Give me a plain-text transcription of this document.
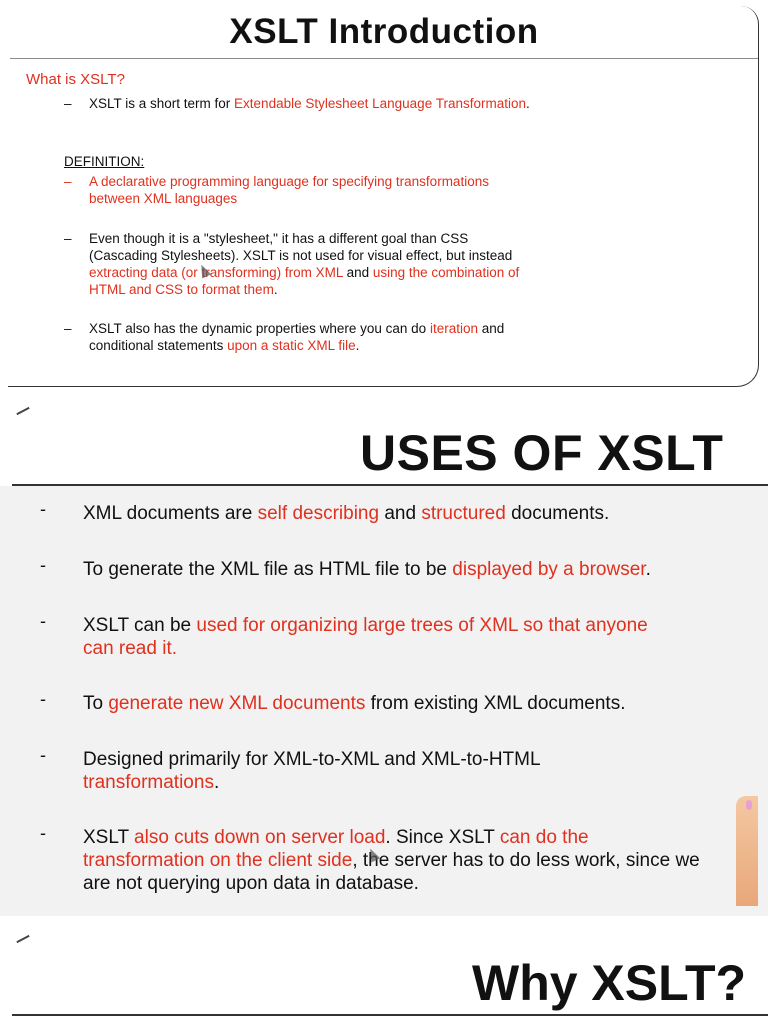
XSLT Introduction

What is XSLT?

– XSLT is a short term for Extendable Stylesheet Language Transformation.

DEFINITION:

– A declarative programming language for specifying transformations between XML languages
– Even though it is a "stylesheet," it has a different goal than CSS (Cascading Stylesheets). XSLT is not used for visual effect, but instead extracting data (or transforming) from XML and using the combination of HTML and CSS to format them.
– XSLT also has the dynamic properties where you can do iteration and conditional statements upon a static XML file.
USES OF XSLT
- XML documents are self describing and structured documents.
- To generate the XML file as HTML file to be displayed by a browser.
- XSLT can be used for organizing large trees of XML so that anyone can read it.
- To generate new XML documents from existing XML documents.
- Designed primarily for XML-to-XML and XML-to-HTML transformations.
- XSLT also cuts down on server load. Since XSLT can do the transformation on the client side, the server has to do less work, since we are not querying upon data in database.
Why XSLT?
